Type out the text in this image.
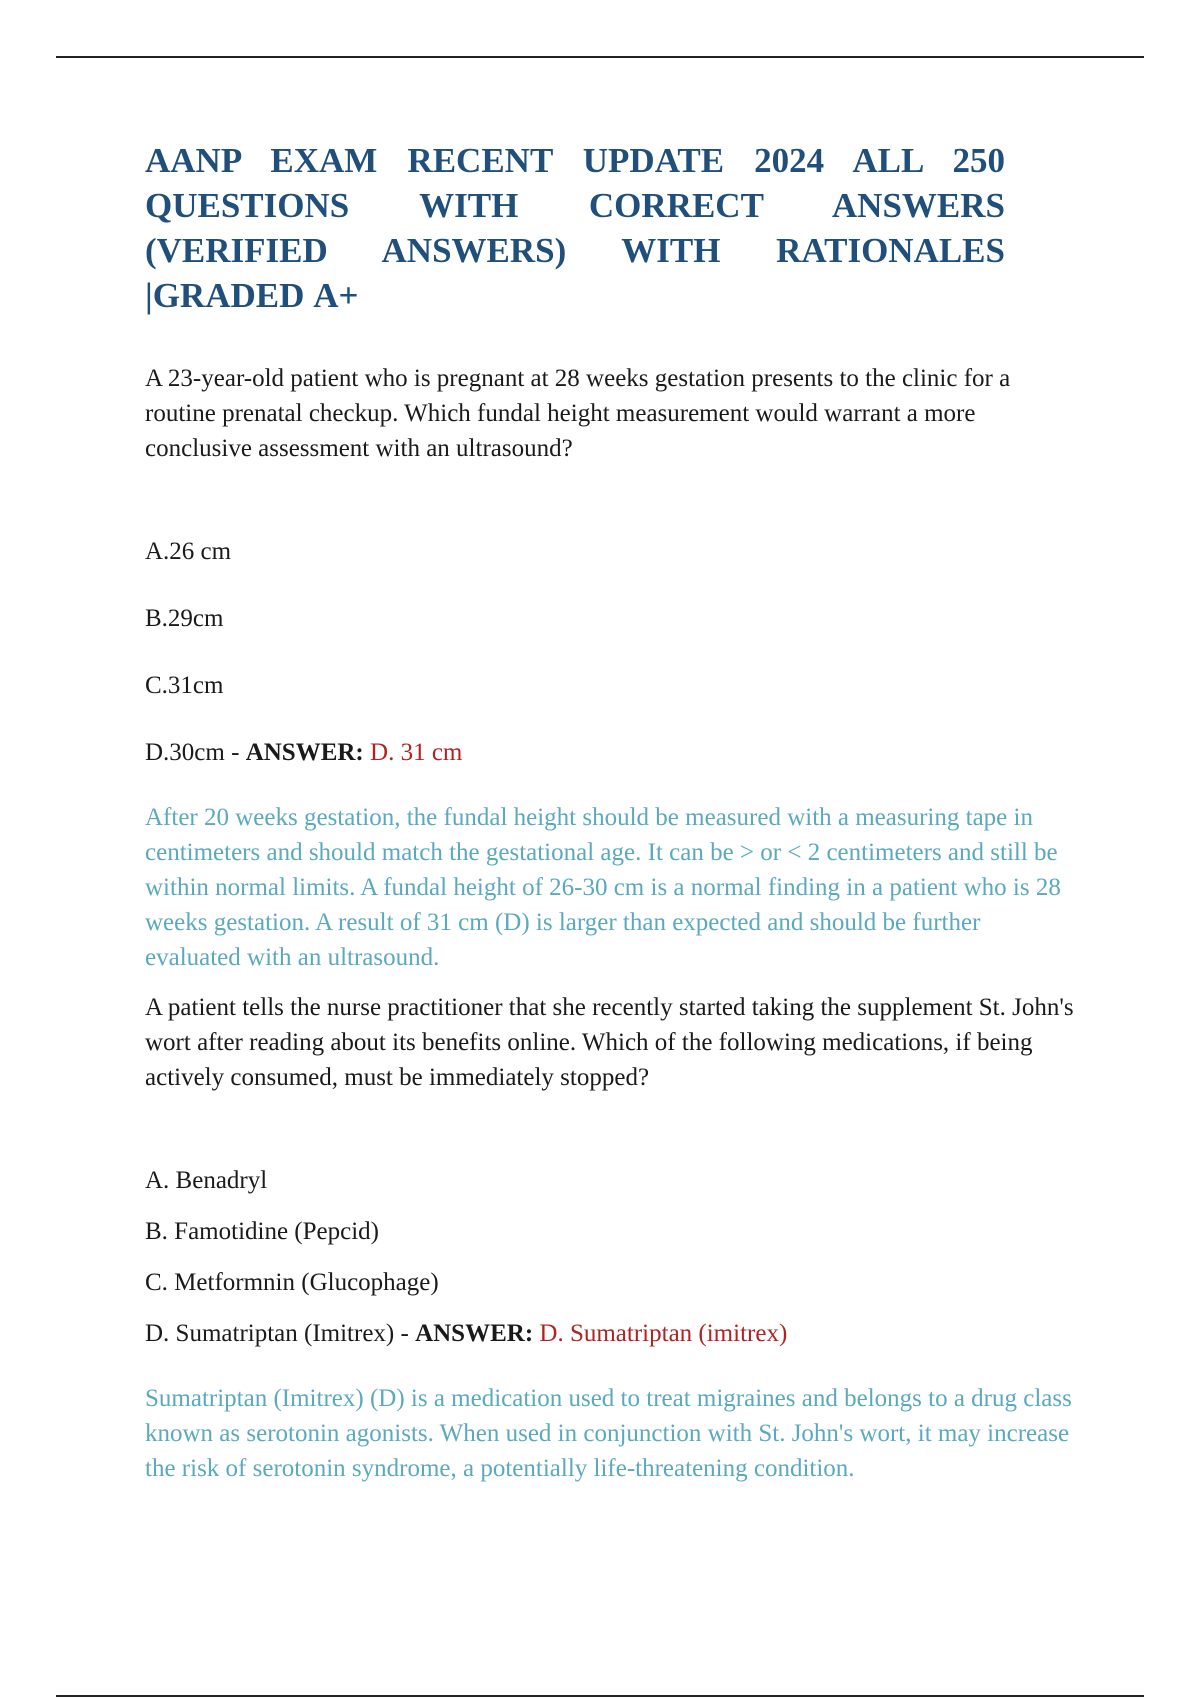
AANP EXAM RECENT UPDATE 2024 ALL 250 QUESTIONS WITH CORRECT ANSWERS (VERIFIED ANSWERS) WITH RATIONALES |GRADED A+

A 23-year-old patient who is pregnant at 28 weeks gestation presents to the clinic for a routine prenatal checkup. Which fundal height measurement would warrant a more conclusive assessment with an ultrasound?

A.26 cm

B.29cm

C.31cm

D.30cm - ANSWER: D. 31 cm

After 20 weeks gestation, the fundal height should be measured with a measuring tape in centimeters and should match the gestational age. It can be > or < 2 centimeters and still be within normal limits. A fundal height of 26-30 cm is a normal finding in a patient who is 28 weeks gestation. A result of 31 cm (D) is larger than expected and should be further evaluated with an ultrasound.

A patient tells the nurse practitioner that she recently started taking the supplement St. John's wort after reading about its benefits online. Which of the following medications, if being actively consumed, must be immediately stopped?

A. Benadryl

B. Famotidine (Pepcid)

C. Metformnin (Glucophage)

D. Sumatriptan (Imitrex) - ANSWER: D. Sumatriptan (imitrex)

Sumatriptan (Imitrex) (D) is a medication used to treat migraines and belongs to a drug class known as serotonin agonists. When used in conjunction with St. John's wort, it may increase the risk of serotonin syndrome, a potentially life-threatening condition.
